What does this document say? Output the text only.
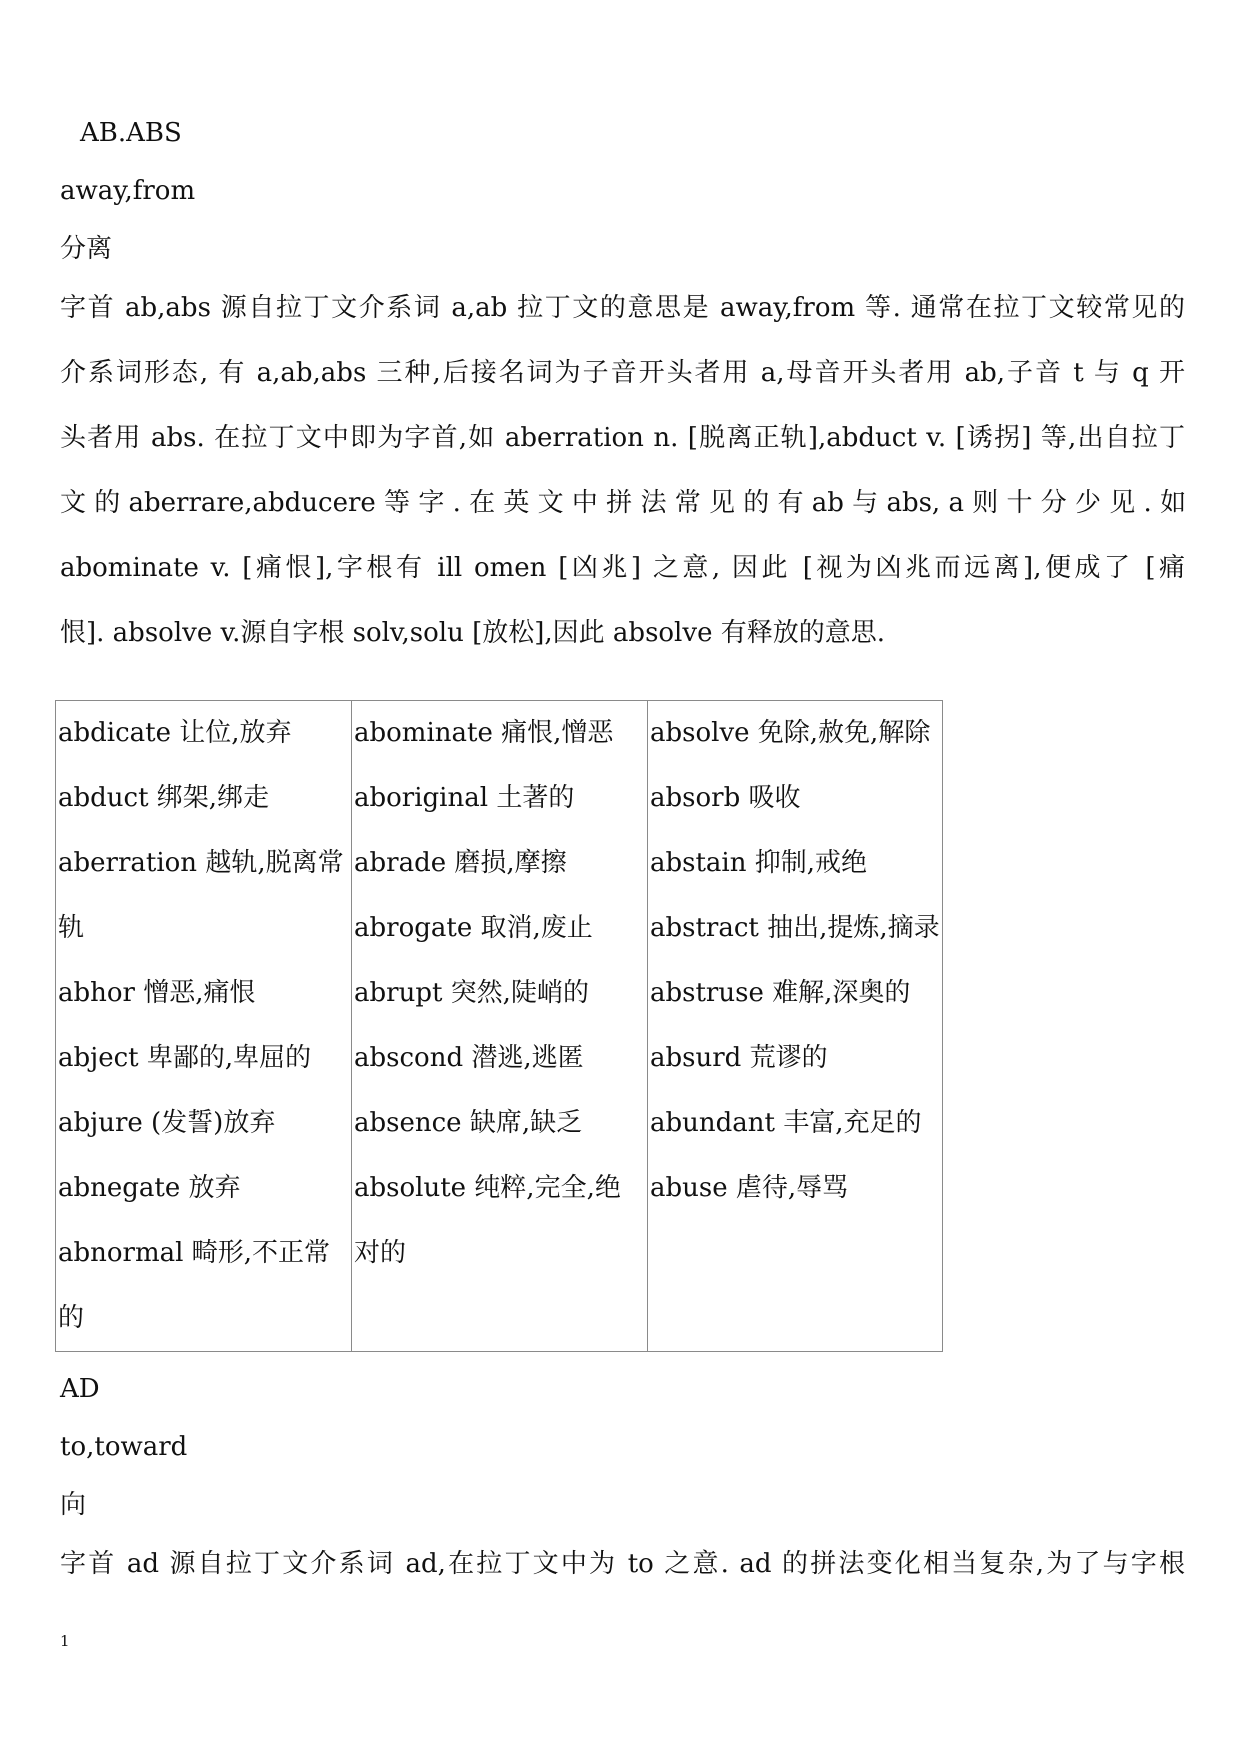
AB.ABS
away,from
分离
字首 ab,abs 源自拉丁文介系词 a,ab 拉丁文的意思是 away,from 等. 通常在拉丁文较常见的
介系词形态, 有 a,ab,abs 三种,后接名词为子音开头者用 a,母音开头者用 ab,子音 t 与 q 开
头者用 abs. 在拉丁文中即为字首,如 aberration n. [脱离正轨],abduct v. [诱拐] 等,出自拉丁
文 的 aberrare,abducere 等 字 . 在 英 文 中 拼 法 常 见 的 有 ab 与 abs, a 则 十 分 少 见 . 如
abominate v. [痛恨],字根有 ill omen [凶兆] 之意, 因此 [视为凶兆而远离],便成了 [痛
恨]. absolve v.源自字根 solv,solu [放松],因此 absolve 有释放的意思.
abdicate 让位,放弃
abduct 绑架,绑走
aberration 越轨,脱离常
轨
abhor 憎恶,痛恨
abject 卑鄙的,卑屈的
abjure (发誓)放弃
abnegate 放弃
abnormal 畸形,不正常
的

abominate 痛恨,憎恶
aboriginal 土著的
abrade 磨损,摩擦
abrogate 取消,废止
abrupt 突然,陡峭的
abscond 潜逃,逃匿
absence 缺席,缺乏
absolute 纯粹,完全,绝
对的

absolve 免除,赦免,解除
absorb 吸收
abstain 抑制,戒绝
abstract 抽出,提炼,摘录
abstruse 难解,深奥的
absurd 荒谬的
abundant 丰富,充足的
abuse 虐待,辱骂
AD
to,toward
向
字首 ad 源自拉丁文介系词 ad,在拉丁文中为 to 之意. ad 的拼法变化相当复杂,为了与字根
1
